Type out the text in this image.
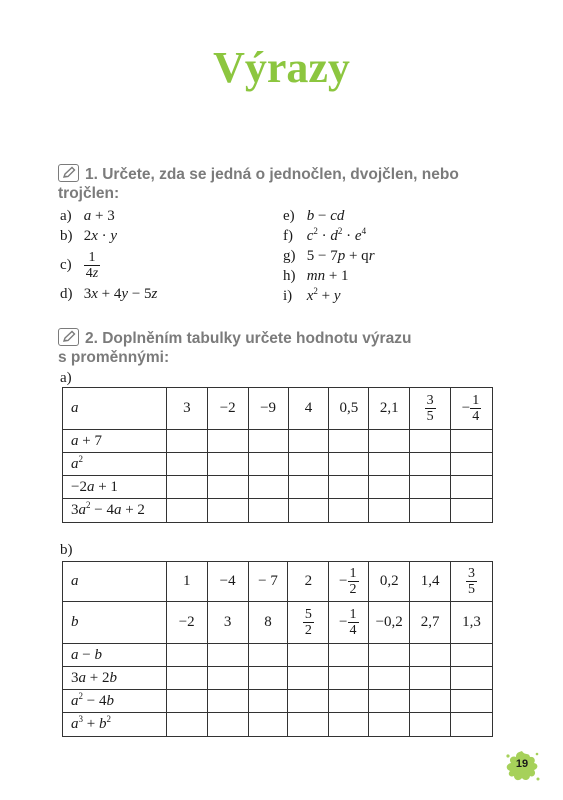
Výrazy
1. Určete, zda se jedná o jednočlen, dvojčlen, nebo
trojčlen:
a) a + 3
b) 2x · y
$c) \frac{1}{4z}$
d) 3x + 4y − 5z
e) b − cd
f) $c^2 \cdot d^2 \cdot e^4$
g) 5 − 7p + qr
h) mn + 1
i) $x^2 + y$
2. Doplněním tabulky určete hodnotu výrazu
s proměnnými:
a)
a	3	−2	−9	4	0,5	2,1	$\frac{3}{5}$	− $\frac{1}{4}$

a + 7								
$a^2$								
−2a + 1								
$3a^2 - 4a + 2$								
b)
a	1	−4	− 7	2	− $\frac{1}{2}$	0,2	1,4	$\frac{3}{5}$

b	−2	3	8	$\frac{5}{2}$	− $\frac{1}{4}$	−0,2	2,7	1,3
a − b								
3a + 2b								
$a^2 - 4b$								
$a^3 + b^2$								
19
